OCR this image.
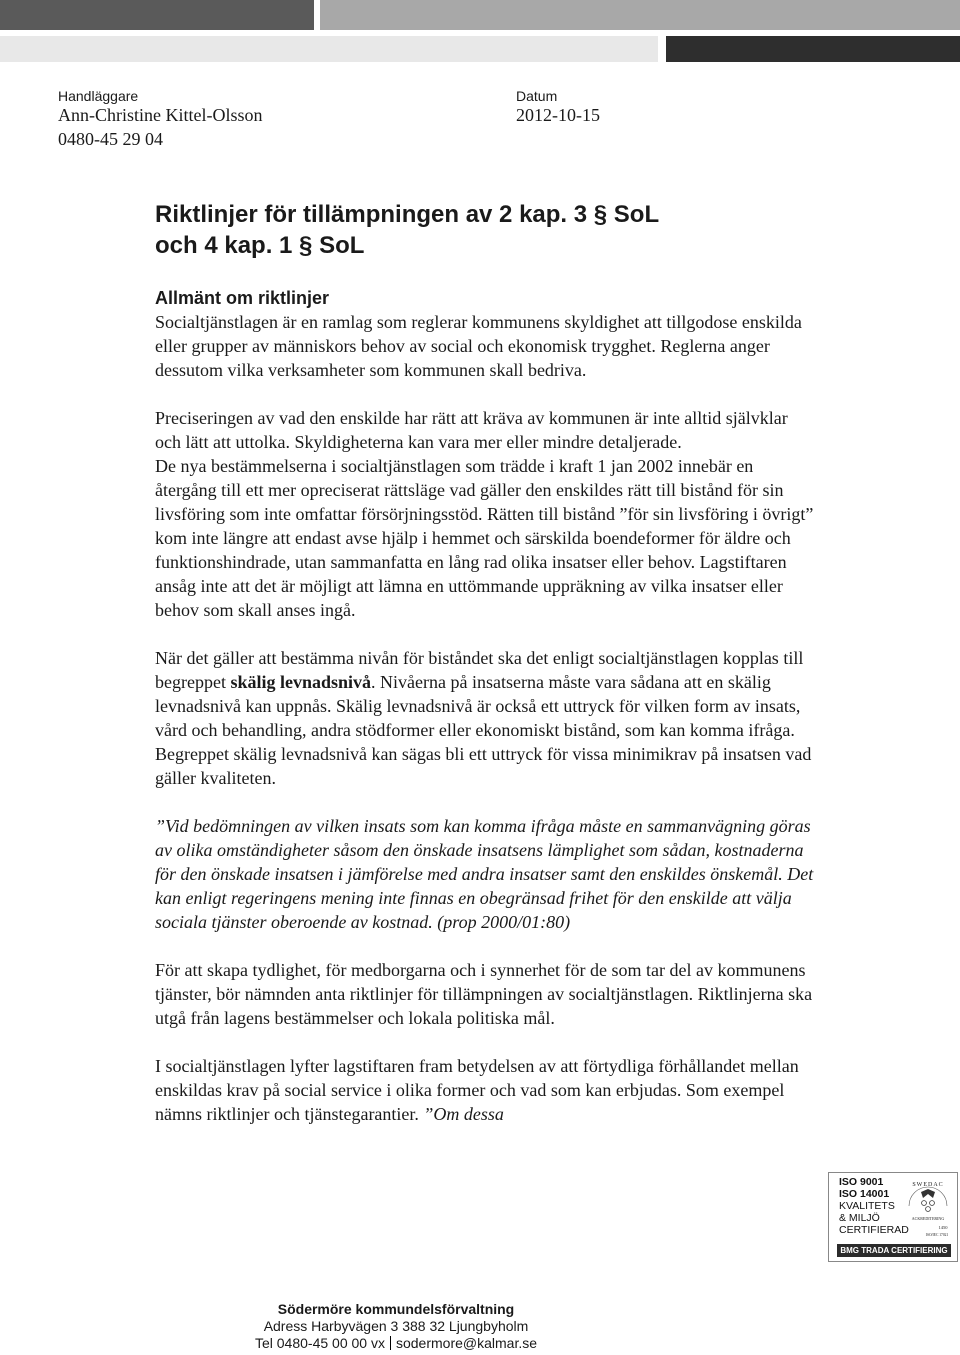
Handläggare
Ann-Christine Kittel-Olsson
0480-45 29 04
Datum
2012-10-15
Riktlinjer för tillämpningen av 2 kap. 3 § SoL
och 4 kap. 1 § SoL
Allmänt om riktlinjer

Socialtjänstlagen är en ramlag som reglerar kommunens skyldighet att tillgodose enskilda eller grupper av människors behov av social och ekonomisk trygghet. Reglerna anger dessutom vilka verksamheter som kommunen skall bedriva.

Preciseringen av vad den enskilde har rätt att kräva av kommunen är inte alltid självklar och lätt att uttolka. Skyldigheterna kan vara mer eller mindre detaljerade.

De nya bestämmelserna i socialtjänstlagen som trädde i kraft 1 jan 2002 innebär en återgång till ett mer opreciserat rättsläge vad gäller den enskildes rätt till bistånd för sin livsföring som inte omfattar försörjningsstöd. Rätten till bistånd ”för sin livsföring i övrigt” kom inte längre att endast avse hjälp i hemmet och särskilda boendeformer för äldre och funktionshindrade, utan sammanfatta en lång rad olika insatser eller behov. Lagstiftaren ansåg inte att det är möjligt att lämna en uttömmande uppräkning av vilka insatser eller behov som skall anses ingå.

När det gäller att bestämma nivån för biståndet ska det enligt socialtjänstlagen kopplas till begreppet skälig levnadsnivå. Nivåerna på insatserna måste vara sådana att en skälig levnadsnivå kan uppnås. Skälig levnadsnivå är också ett uttryck för vilken form av insats, vård och behandling, andra stödformer eller ekonomiskt bistånd, som kan komma ifråga. Begreppet skälig levnadsnivå kan sägas bli ett uttryck för vissa minimikrav på insatsen vad gäller kvaliteten.

”Vid bedömningen av vilken insats som kan komma ifråga måste en sammanvägning göras av olika omständigheter såsom den önskade insatsens lämplighet som sådan, kostnaderna för den önskade insatsen i jämförelse med andra insatser samt den enskildes önskemål. Det kan enligt regeringens mening inte finnas en obegränsad frihet för den enskilde att välja sociala tjänster oberoende av kostnad. (prop 2000/01:80)

För att skapa tydlighet, för medborgarna och i synnerhet för de som tar del av kommunens tjänster, bör nämnden anta riktlinjer för tillämpningen av socialtjänstlagen. Riktlinjerna ska utgå från lagens bestämmelser och lokala politiska mål.

I socialtjänstlagen lyfter lagstiftaren fram betydelsen av att förtydliga förhållandet mellan enskildas krav på social service i olika former och vad som kan erbjudas. Som exempel nämns riktlinjer och tjänstegarantier. ”Om dessa

ISO 9001
ISO 14001
KVALITETS
& MILJÖ
CERTIFIERAD
SWEDAC
ACKREDITERING
1450
ISO/IEC 17021
BMG TRADA CERTIFIERING
Södermöre kommundelsförvaltning
Adress Harbyvägen 3 388 32 Ljungbyholm
Tel 0480-45 00 00 vx sodermore@kalmar.se
